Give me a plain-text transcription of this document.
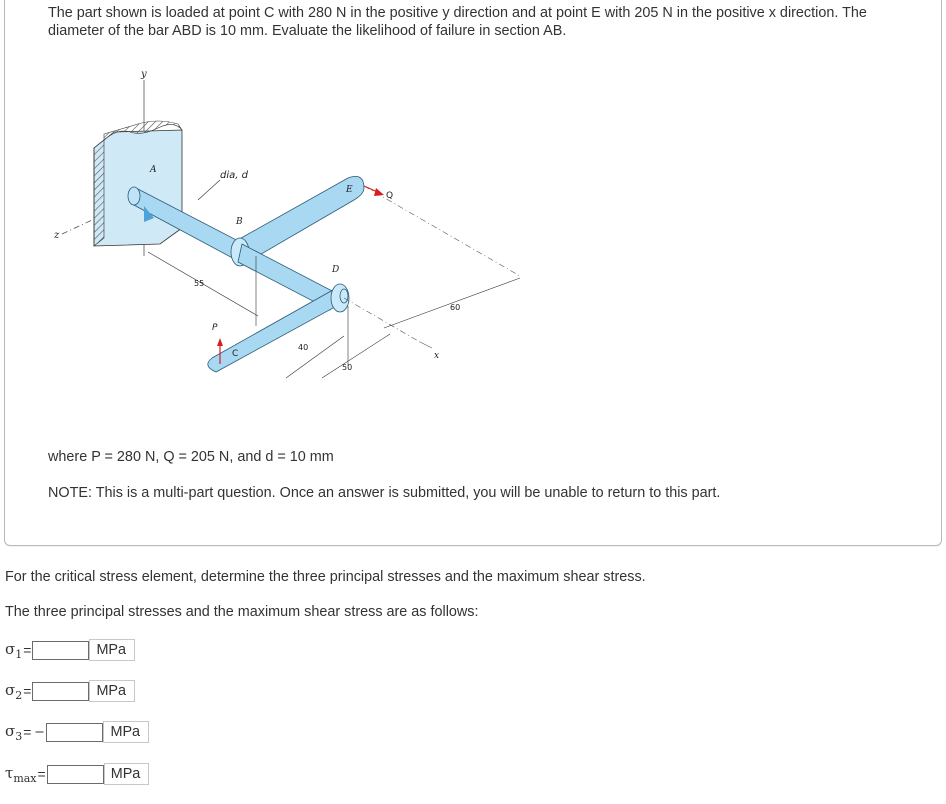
The part shown is loaded at point C with 280 N in the positive y direction and at point E with 205 N in the positive x direction. The diameter of the bar ABD is 10 mm. Evaluate the likelihood of failure in section AB.
y
z
A
B
C
D
E
P
Q
dia, d
55
40
50
60
x
where P = 280 N, Q = 205 N, and d = 10 mm
NOTE: This is a multi-part question. Once an answer is submitted, you will be unable to return to this part.
For the critical stress element, determine the three principal stresses and the maximum shear stress.
The three principal stresses and the maximum shear stress are as follows:
$\sigma_1$ =	MPa
$\sigma_2$ =	MPa
$\sigma_3$ = –	MPa
$\tau_{max}$ =	MPa
